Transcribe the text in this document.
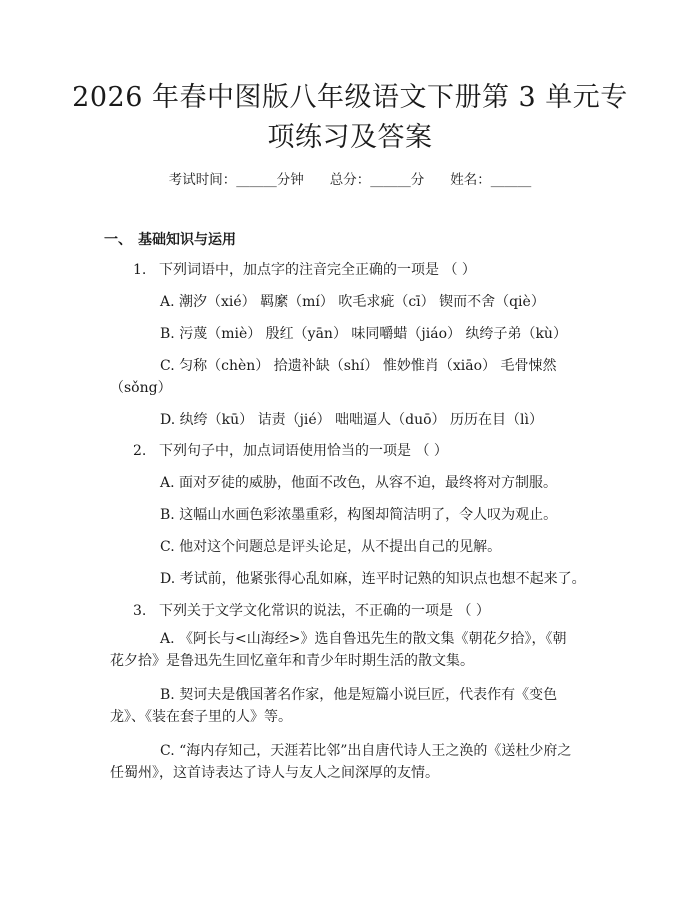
2026 年春中图版八年级语文下册第 3 单元专项练习及答案
考试时间：______分钟 总分：______分 姓名：______
一、 基础知识与运用
1. 下列词语中，加点字的注音完全正确的一项是 （ ）
A. 潮汐（xié） 羁縻（mí） 吹毛求疵（cī） 锲而不舍（qiè）
B. 污蔑（miè） 殷红（yān） 味同嚼蜡（jiáo） 纨绔子弟（kù）
C. 匀称（chèn） 拾遗补缺（shí） 惟妙惟肖（xiāo） 毛骨悚然（sǒng）
D. 纨绔（kū） 诘责（jié） 咄咄逼人（duō） 历历在目（lì）
2. 下列句子中，加点词语使用恰当的一项是 （ ）
A. 面对歹徒的威胁，他面不改色，从容不迫，最终将对方制服。
B. 这幅山水画色彩浓墨重彩，构图却简洁明了，令人叹为观止。
C. 他对这个问题总是评头论足，从不提出自己的见解。
D. 考试前，他紧张得心乱如麻，连平时记熟的知识点也想不起来了。
3. 下列关于文学文化常识的说法，不正确的一项是 （ ）
A. 《阿长与<山海经>》选自鲁迅先生的散文集《朝花夕拾》，《朝花夕拾》是鲁迅先生回忆童年和青少年时期生活的散文集。
B. 契诃夫是俄国著名作家，他是短篇小说巨匠，代表作有《变色龙》、《装在套子里的人》等。
C. “海内存知己，天涯若比邻”出自唐代诗人王之涣的《送杜少府之任蜀州》，这首诗表达了诗人与友人之间深厚的友情。
